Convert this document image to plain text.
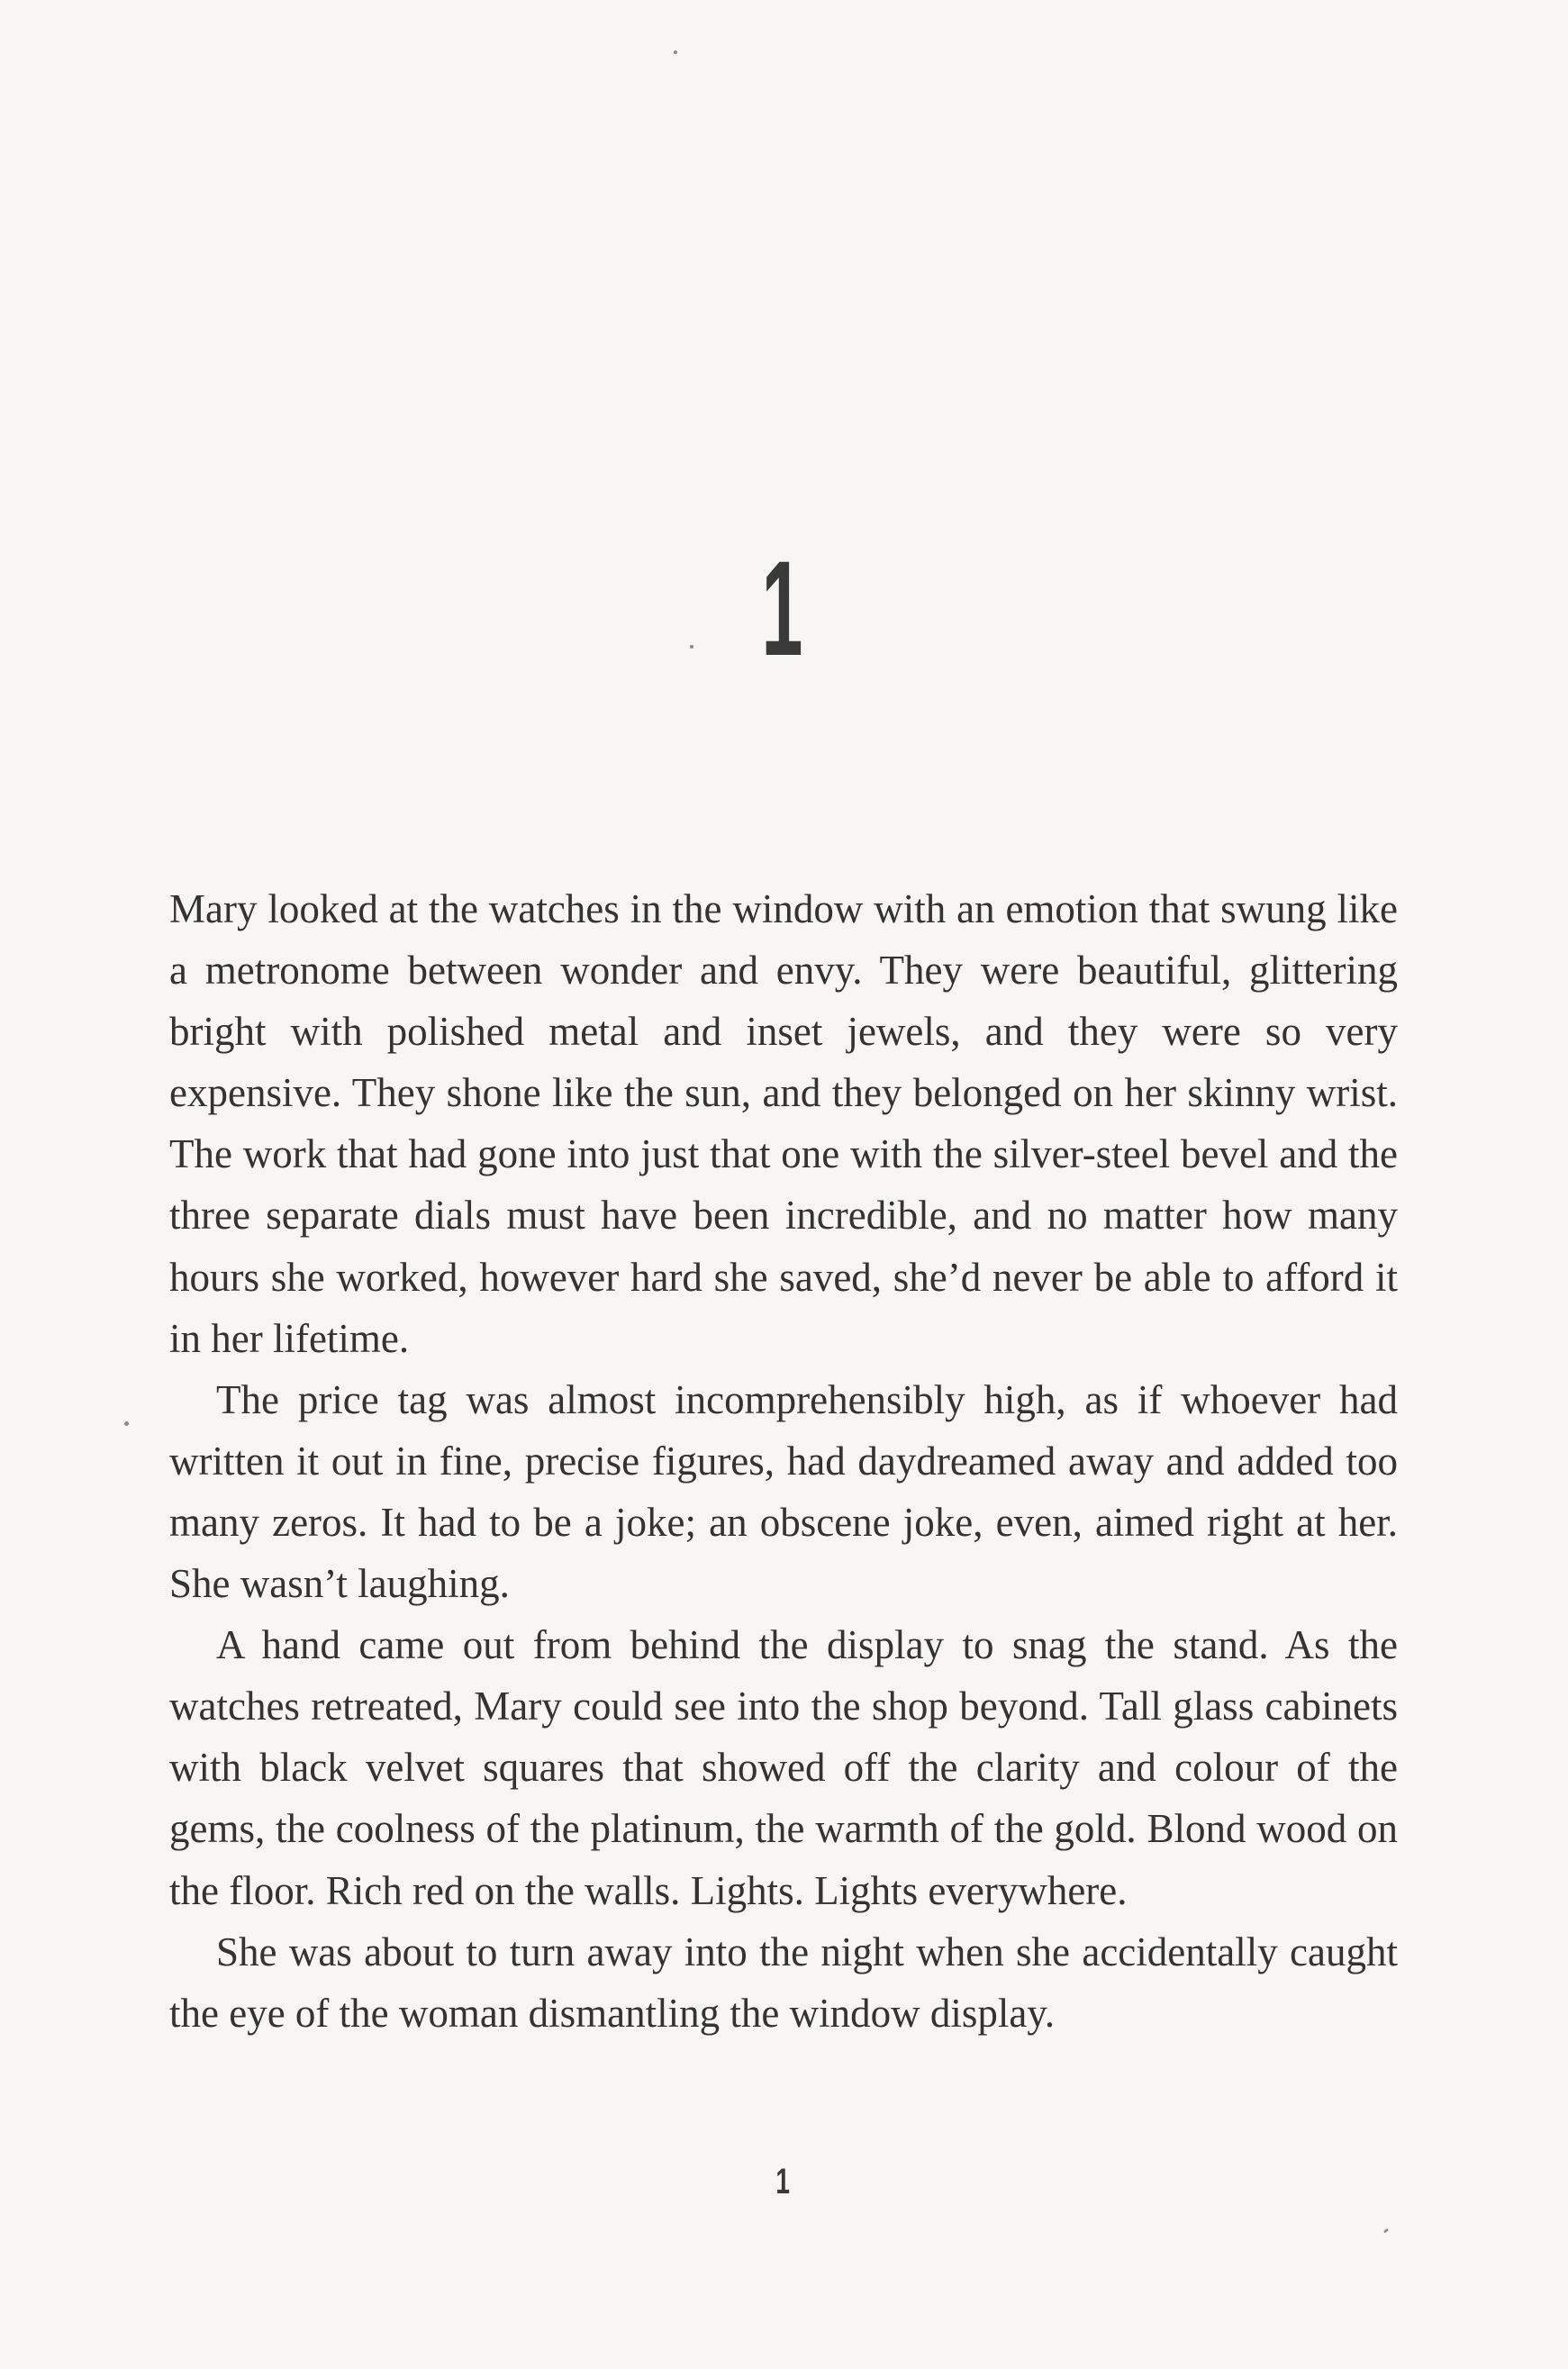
1

Mary looked at the watches in the window with an emotion that swung like a metronome between wonder and envy. They were beautiful, glittering bright with polished metal and inset jewels, and they were so very expensive. They shone like the sun, and they belonged on her skinny wrist. The work that had gone into just that one with the silver-steel bevel and the three separate dials must have been incredible, and no matter how many hours she worked, however hard she saved, she’d never be able to afford it in her lifetime.

The price tag was almost incomprehensibly high, as if whoever had written it out in fine, precise figures, had daydreamed away and added too many zeros. It had to be a joke; an obscene joke, even, aimed right at her. She wasn’t laughing.

A hand came out from behind the display to snag the stand. As the watches retreated, Mary could see into the shop beyond. Tall glass cabinets with black velvet squares that showed off the clarity and colour of the gems, the coolness of the platinum, the warmth of the gold. Blond wood on the floor. Rich red on the walls. Lights. Lights everywhere.

She was about to turn away into the night when she accidentally caught the eye of the woman dismantling the window display.

1
